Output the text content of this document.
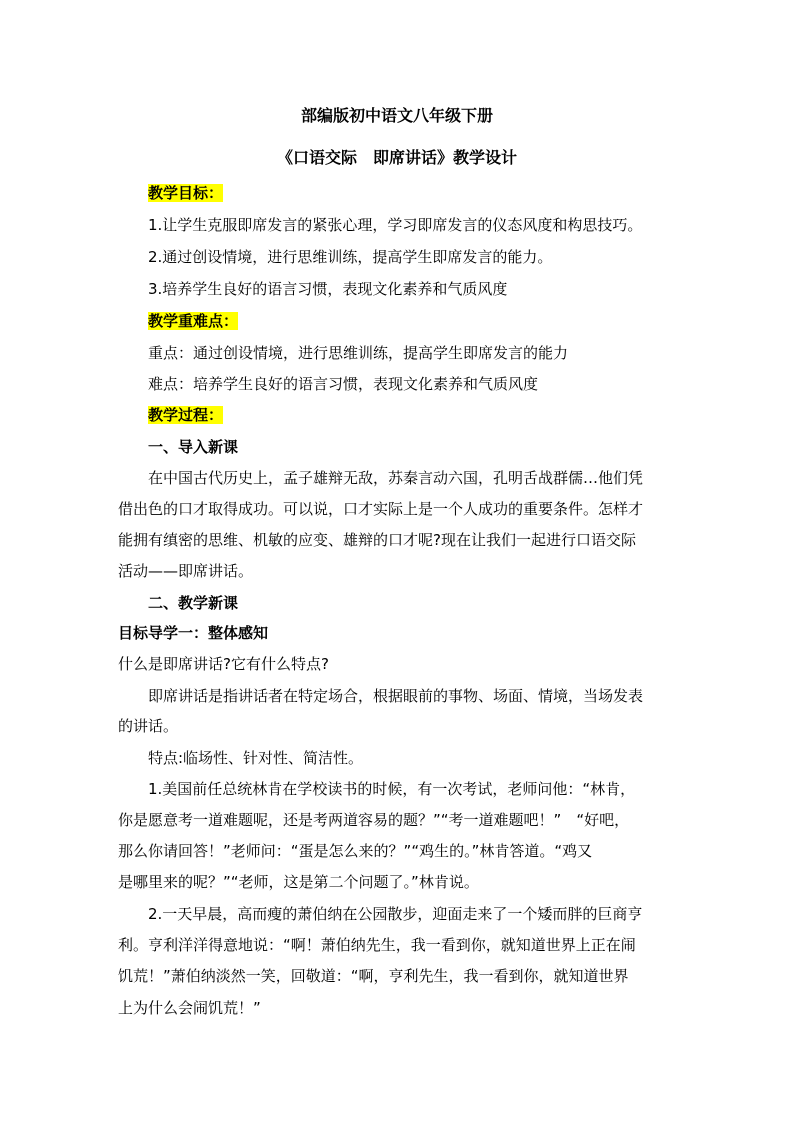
部编版初中语文八年级下册
《口语交际　即席讲话》教学设计
教学目标：
1.让学生克服即席发言的紧张心理，学习即席发言的仪态风度和构思技巧。
2.通过创设情境，进行思维训练，提高学生即席发言的能力。
3.培养学生良好的语言习惯，表现文化素养和气质风度
教学重难点：
重点：通过创设情境，进行思维训练，提高学生即席发言的能力
难点：培养学生良好的语言习惯，表现文化素养和气质风度
教学过程：
一、导入新课
在中国古代历史上，孟子雄辩无敌，苏秦言动六国，孔明舌战群儒…他们凭
借出色的口才取得成功。可以说，口才实际上是一个人成功的重要条件。怎样才
能拥有缜密的思维、机敏的应变、雄辩的口才呢?现在让我们一起进行口语交际
活动——即席讲话。
二、教学新课
目标导学一：整体感知
什么是即席讲话?它有什么特点?
即席讲话是指讲话者在特定场合，根据眼前的事物、场面、情境，当场发表
的讲话。
特点:临场性、针对性、简洁性。
1.美国前任总统林肯在学校读书的时候，有一次考试，老师问他：“林肯，
你是愿意考一道难题呢，还是考两道容易的题？”“考一道难题吧！”　“好吧，
那么你请回答！”老师问：“蛋是怎么来的？”“鸡生的。”林肯答道。“鸡又
是哪里来的呢？”“老师，这是第二个问题了。”林肯说。
2.一天早晨，高而瘦的萧伯纳在公园散步，迎面走来了一个矮而胖的巨商亨
利。亨利洋洋得意地说：“啊！萧伯纳先生，我一看到你，就知道世界上正在闹
饥荒！”萧伯纳淡然一笑，回敬道：“啊，亨利先生，我一看到你，就知道世界
上为什么会闹饥荒！”
